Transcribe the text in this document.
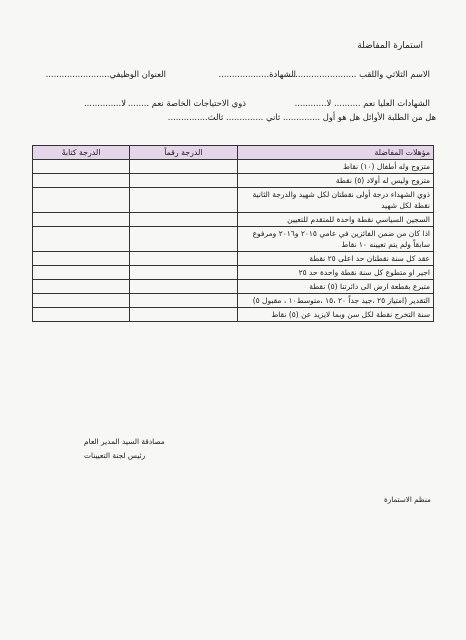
استمارة المفاضلة
الاسم الثلاثي واللقب ..........................
الشهادة...................
العنوان الوظيفي........................
الشهادات العليا نعم .......... لا............
ذوي الاحتياجات الخاصة نعم ........
لا..............
هل من الطلبة الأوائل هل هو أول .............. ثاني .............. ثالث...............
الدرجة كتابةً	الدرجة رقماً	مؤهلات المفاضلة
		متزوج وله أطفال (١٠) نقاط
		متزوج وليس له أولاد (٥) نقطة
		ذوي الشهداء درجة أولى نقطتان لكل شهيد والدرجة الثانية نقطة لكل شهيد
		السجين السياسي نقطة واحدة للمتقدم للتعيين
		اذا كان من ضمن الفائزين في عامي ٢٠١٥ و٢٠١٦ ومرفوع سابقاً ولم يتم تعيينه ١٠ نقاط
		عقد كل سنة نقطتان حد اعلى ٢٥ نقطة
		اجير او متطوع كل سنة نقطة واحدة حد ٢٥
		متبرع بقطعة ارض الى دائرتنا (٥) نقطة
		التقدير (امتياز ٢٥ ،جيد جداً ٢٠ ،١٥ ،متوسط١٠ ، مقبول ٥)
		سنة التخرج نقطة لكل سن وبما لايزيد عن (٥) نقاط
مصادقة السيد المدير العام
رئيس لجنة التعيينات
منظم الاستمارة
